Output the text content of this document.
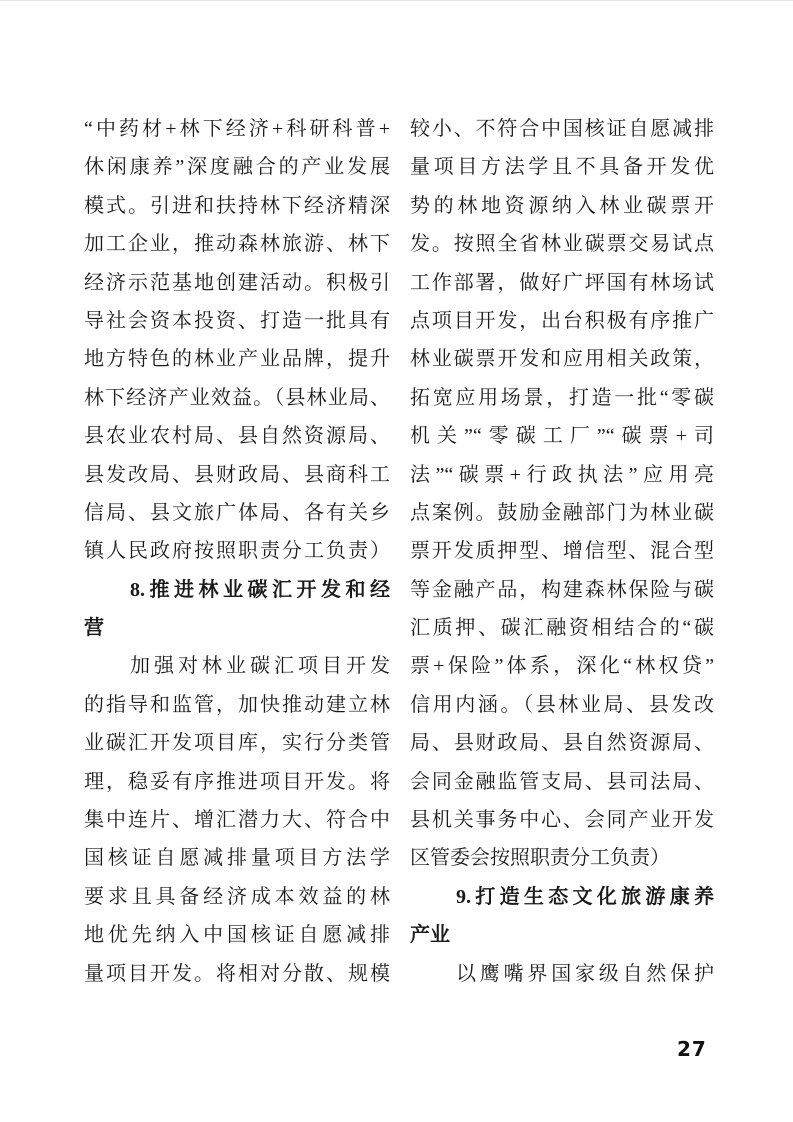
“中药材+林下经济+科研科普+
休闲康养”深度融合的产业发展
模式。引进和扶持林下经济精深
加工企业，推动森林旅游、林下
经济示范基地创建活动。积极引
导社会资本投资、打造一批具有
地方特色的林业产业品牌，提升
林下经济产业效益。（县林业局、
县农业农村局、县自然资源局、
县发改局、县财政局、县商科工
信局、县文旅广体局、各有关乡
镇人民政府按照职责分工负责）
8.推进林业碳汇开发和经
营
加强对林业碳汇项目开发
的指导和监管，加快推动建立林
业碳汇开发项目库，实行分类管
理，稳妥有序推进项目开发。将
集中连片、增汇潜力大、符合中
国核证自愿减排量项目方法学
要求且具备经济成本效益的林
地优先纳入中国核证自愿减排
量项目开发。将相对分散、规模
较小、不符合中国核证自愿减排
量项目方法学且不具备开发优
势的林地资源纳入林业碳票开
发。按照全省林业碳票交易试点
工作部署，做好广坪国有林场试
点项目开发，出台积极有序推广
林业碳票开发和应用相关政策，
拓宽应用场景，打造一批“零碳
机关”“零碳工厂”“碳票+司
法”“碳票+行政执法”应用亮
点案例。鼓励金融部门为林业碳
票开发质押型、增信型、混合型
等金融产品，构建森林保险与碳
汇质押、碳汇融资相结合的“碳
票+保险”体系，深化“林权贷”
信用内涵。（县林业局、县发改
局、县财政局、县自然资源局、
会同金融监管支局、县司法局、
县机关事务中心、会同产业开发
区管委会按照职责分工负责）
9.打造生态文化旅游康养
产业
以鹰嘴界国家级自然保护
27
